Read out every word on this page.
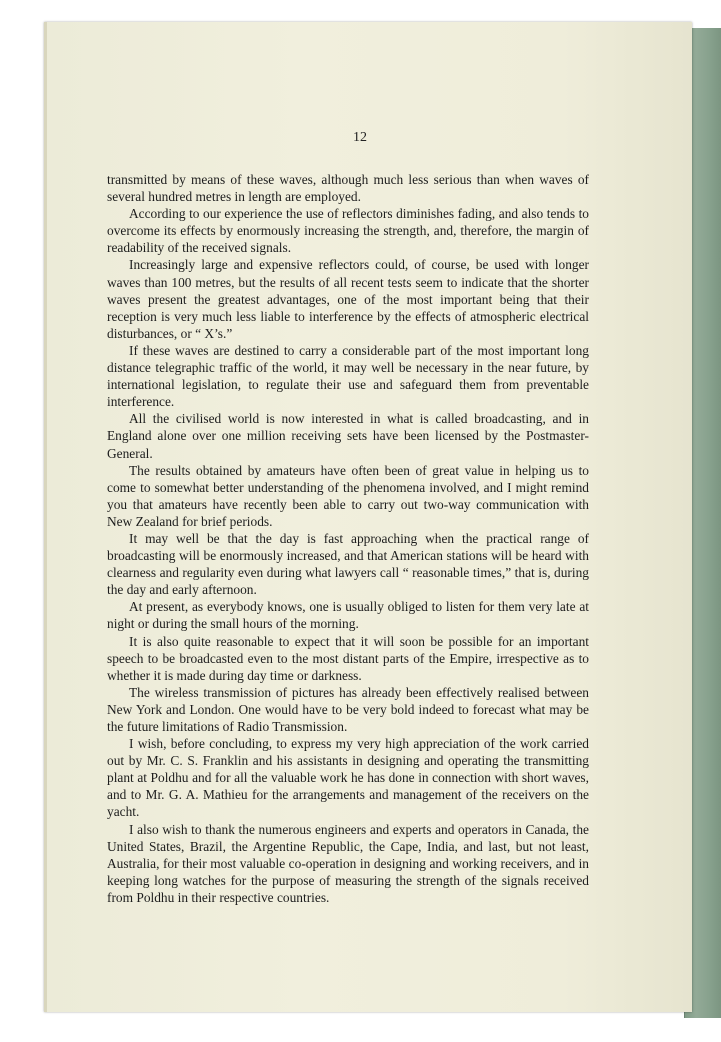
12

transmitted by means of these waves, although much less serious than when waves of several hundred metres in length are employed.

According to our experience the use of reflectors diminishes fading, and also tends to overcome its effects by enormously increasing the strength, and, therefore, the margin of readability of the received signals.

Increasingly large and expensive reflectors could, of course, be used with longer waves than 100 metres, but the results of all recent tests seem to indicate that the shorter waves present the greatest advantages, one of the most important being that their reception is very much less liable to interference by the effects of atmospheric electrical disturbances, or “ X’s.”

If these waves are destined to carry a considerable part of the most important long distance telegraphic traffic of the world, it may well be necessary in the near future, by international legislation, to regulate their use and safeguard them from preventable interference.

All the civilised world is now interested in what is called broadcasting, and in England alone over one million receiving sets have been licensed by the Postmaster-General.

The results obtained by amateurs have often been of great value in helping us to come to somewhat better understanding of the phenomena involved, and I might remind you that amateurs have recently been able to carry out two-way communication with New Zealand for brief periods.

It may well be that the day is fast approaching when the practical range of broadcasting will be enormously increased, and that American stations will be heard with clearness and regularity even during what lawyers call “ reasonable times,” that is, during the day and early afternoon.

At present, as everybody knows, one is usually obliged to listen for them very late at night or during the small hours of the morning.

It is also quite reasonable to expect that it will soon be possible for an important speech to be broadcasted even to the most distant parts of the Empire, irrespective as to whether it is made during day time or darkness.

The wireless transmission of pictures has already been effectively realised between New York and London. One would have to be very bold indeed to forecast what may be the future limitations of Radio Transmission.

I wish, before concluding, to express my very high appreciation of the work carried out by Mr. C. S. Franklin and his assistants in designing and operating the transmitting plant at Poldhu and for all the valuable work he has done in connection with short waves, and to Mr. G. A. Mathieu for the arrangements and management of the receivers on the yacht.

I also wish to thank the numerous engineers and experts and operators in Canada, the United States, Brazil, the Argentine Republic, the Cape, India, and last, but not least, Australia, for their most valuable co-operation in designing and working receivers, and in keeping long watches for the purpose of measuring the strength of the signals received from Poldhu in their respective countries.
